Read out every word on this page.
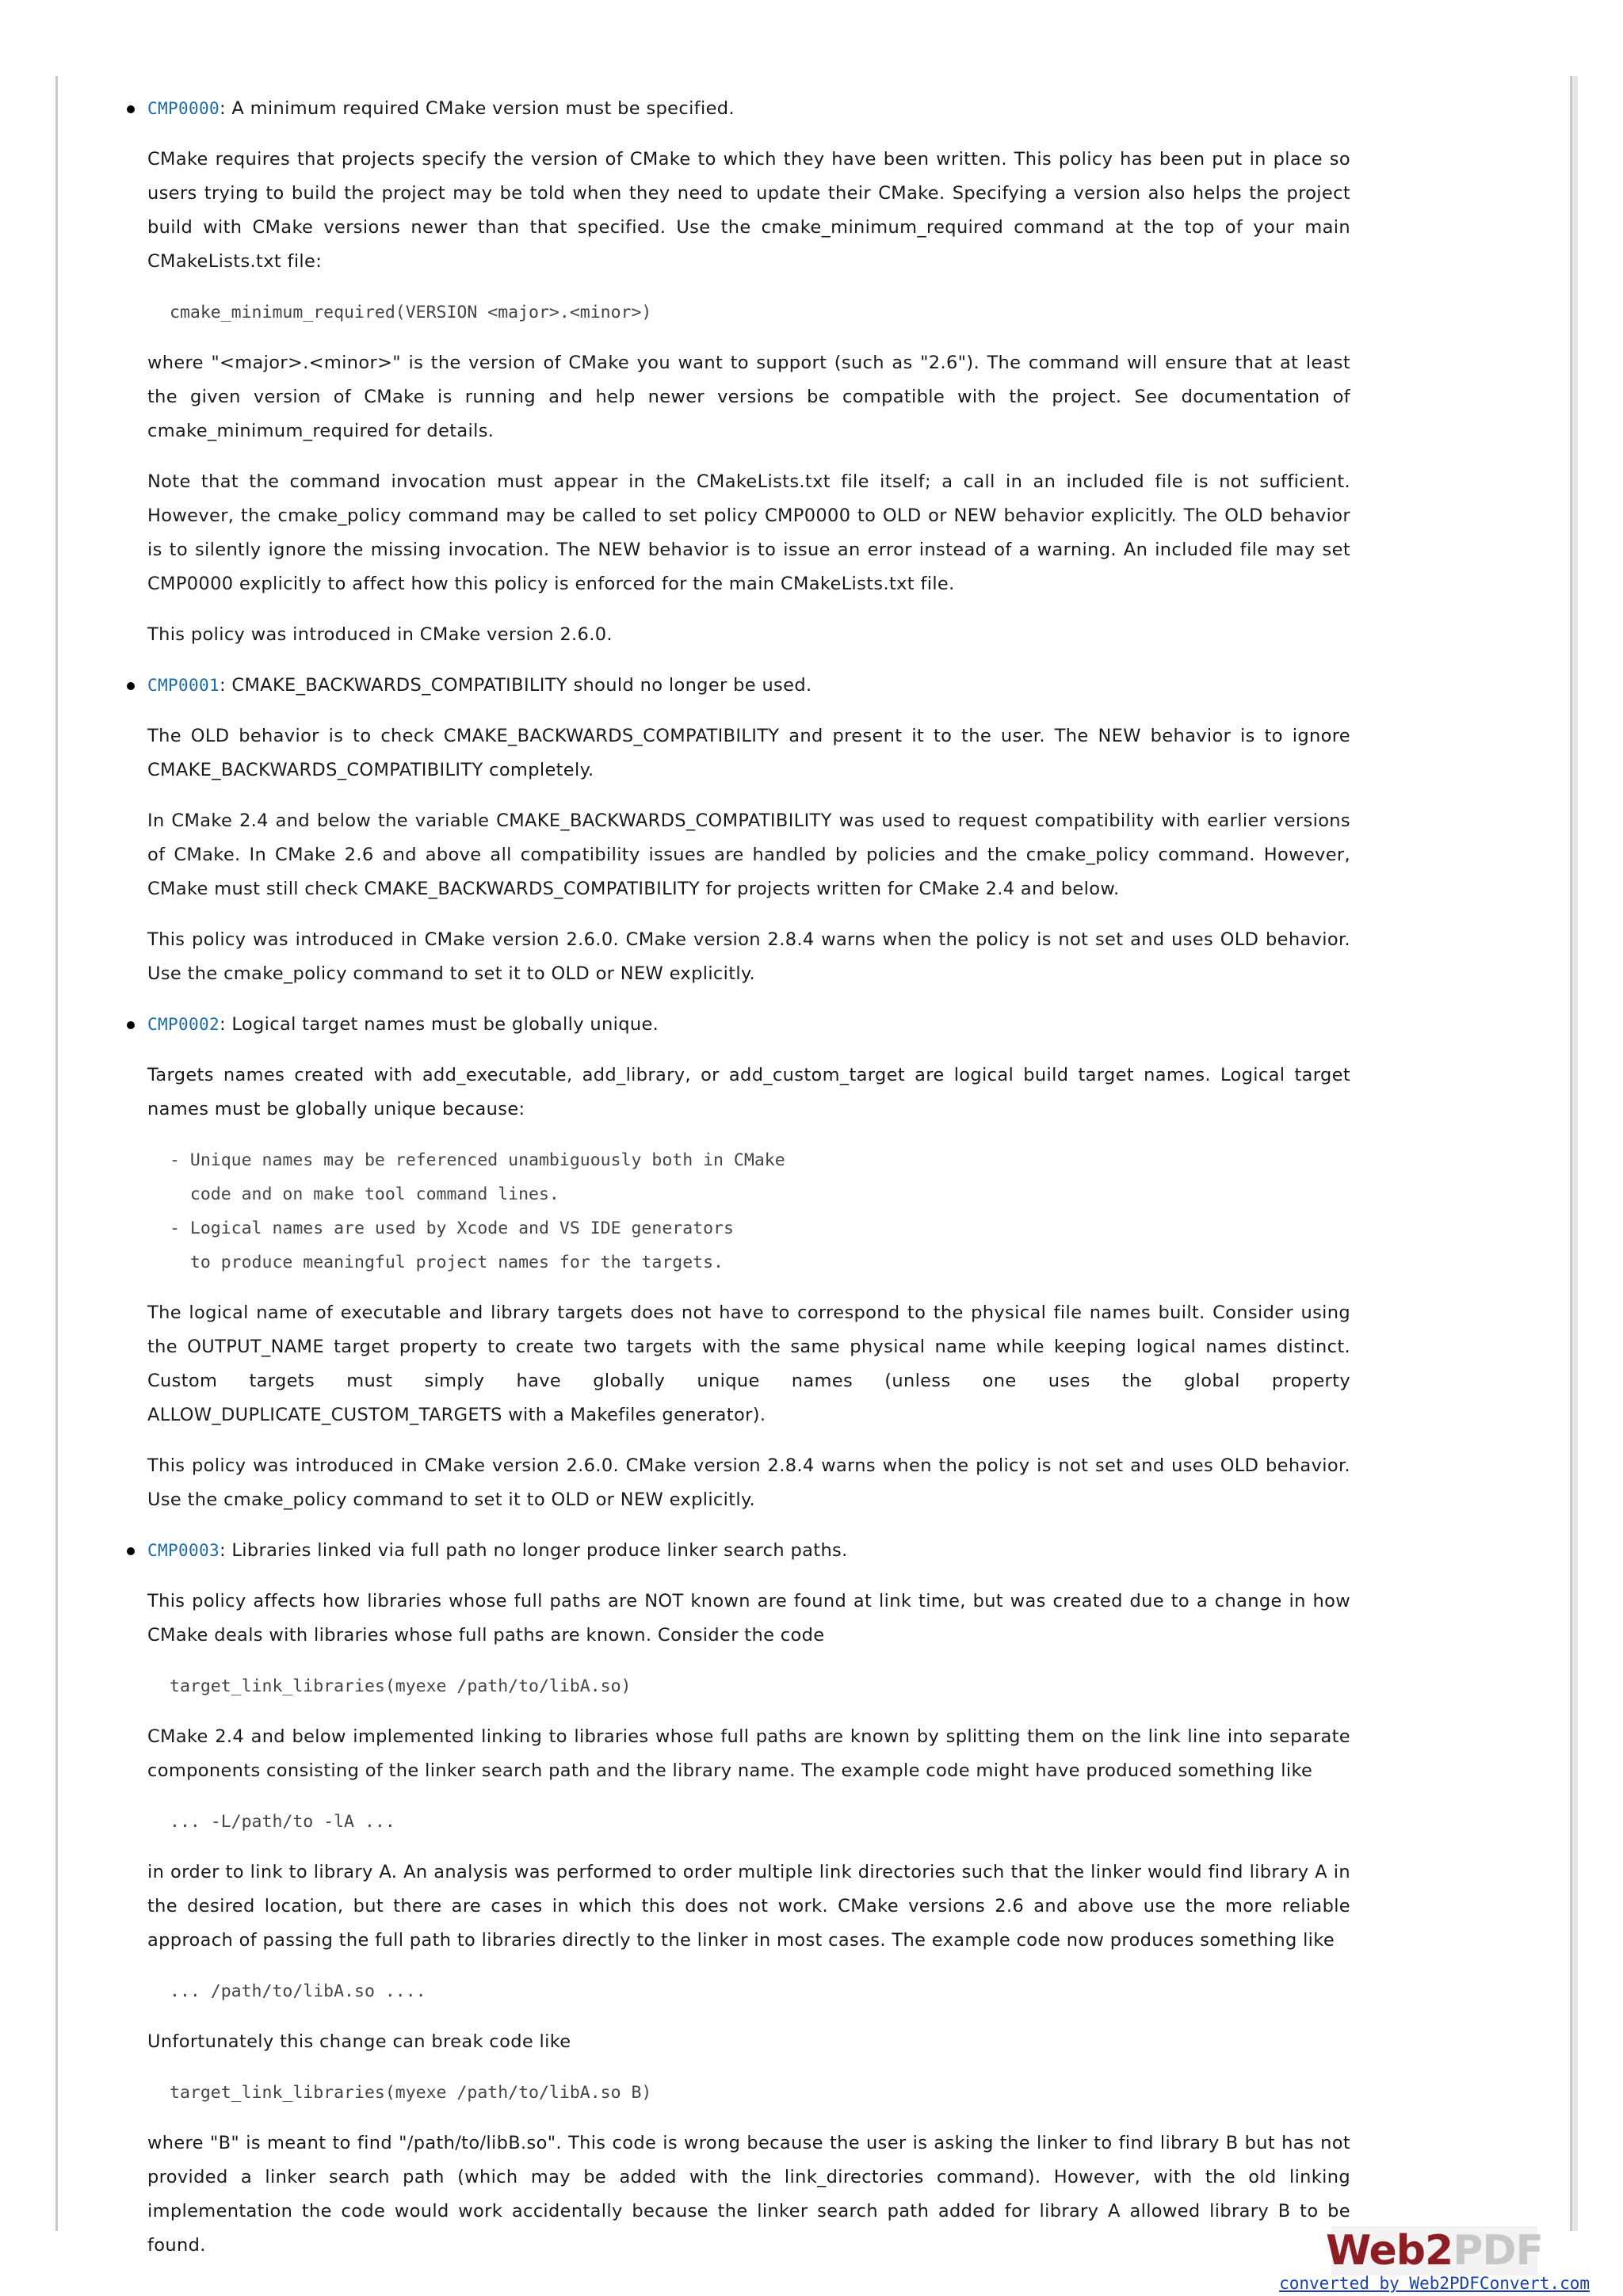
CMP0000: A minimum required CMake version must be specified.

CMake requires that projects specify the version of CMake to which they have been written. This policy has been put in place so users trying to build the project may be told when they need to update their CMake. Specifying a version also helps the project build with CMake versions newer than that specified. Use the cmake_minimum_required command at the top of your main CMakeLists.txt file:

cmake_minimum_required(VERSION <major>.<minor>)

where "<major>.<minor>" is the version of CMake you want to support (such as "2.6"). The command will ensure that at least the given version of CMake is running and help newer versions be compatible with the project. See documentation of cmake_minimum_required for details.

Note that the command invocation must appear in the CMakeLists.txt file itself; a call in an included file is not sufficient. However, the cmake_policy command may be called to set policy CMP0000 to OLD or NEW behavior explicitly. The OLD behavior is to silently ignore the missing invocation. The NEW behavior is to issue an error instead of a warning. An included file may set CMP0000 explicitly to affect how this policy is enforced for the main CMakeLists.txt file.

This policy was introduced in CMake version 2.6.0.

CMP0001: CMAKE_BACKWARDS_COMPATIBILITY should no longer be used.

The OLD behavior is to check CMAKE_BACKWARDS_COMPATIBILITY and present it to the user. The NEW behavior is to ignore CMAKE_BACKWARDS_COMPATIBILITY completely.

In CMake 2.4 and below the variable CMAKE_BACKWARDS_COMPATIBILITY was used to request compatibility with earlier versions of CMake. In CMake 2.6 and above all compatibility issues are handled by policies and the cmake_policy command. However, CMake must still check CMAKE_BACKWARDS_COMPATIBILITY for projects written for CMake 2.4 and below.

This policy was introduced in CMake version 2.6.0. CMake version 2.8.4 warns when the policy is not set and uses OLD behavior. Use the cmake_policy command to set it to OLD or NEW explicitly.

CMP0002: Logical target names must be globally unique.

Targets names created with add_executable, add_library, or add_custom_target are logical build target names. Logical target names must be globally unique because:

- Unique names may be referenced unambiguously both in CMake
code and on make tool command lines.
- Logical names are used by Xcode and VS IDE generators
to produce meaningful project names for the targets.

The logical name of executable and library targets does not have to correspond to the physical file names built. Consider using the OUTPUT_NAME target property to create two targets with the same physical name while keeping logical names distinct. Custom targets must simply have globally unique names (unless one uses the global property ALLOW_DUPLICATE_CUSTOM_TARGETS with a Makefiles generator).

This policy was introduced in CMake version 2.6.0. CMake version 2.8.4 warns when the policy is not set and uses OLD behavior. Use the cmake_policy command to set it to OLD or NEW explicitly.

CMP0003: Libraries linked via full path no longer produce linker search paths.

This policy affects how libraries whose full paths are NOT known are found at link time, but was created due to a change in how CMake deals with libraries whose full paths are known. Consider the code

target_link_libraries(myexe /path/to/libA.so)

CMake 2.4 and below implemented linking to libraries whose full paths are known by splitting them on the link line into separate components consisting of the linker search path and the library name. The example code might have produced something like

... -L/path/to -lA ...

in order to link to library A. An analysis was performed to order multiple link directories such that the linker would find library A in the desired location, but there are cases in which this does not work. CMake versions 2.6 and above use the more reliable approach of passing the full path to libraries directly to the linker in most cases. The example code now produces something like

... /path/to/libA.so ....

Unfortunately this change can break code like

target_link_libraries(myexe /path/to/libA.so B)

where "B" is meant to find "/path/to/libB.so". This code is wrong because the user is asking the linker to find library B but has not provided a linker search path (which may be added with the link_directories command). However, with the old linking implementation the code would work accidentally because the linker search path added for library A allowed library B to be found.	Web2 PDF
converted by Web2PDFConvert.com
